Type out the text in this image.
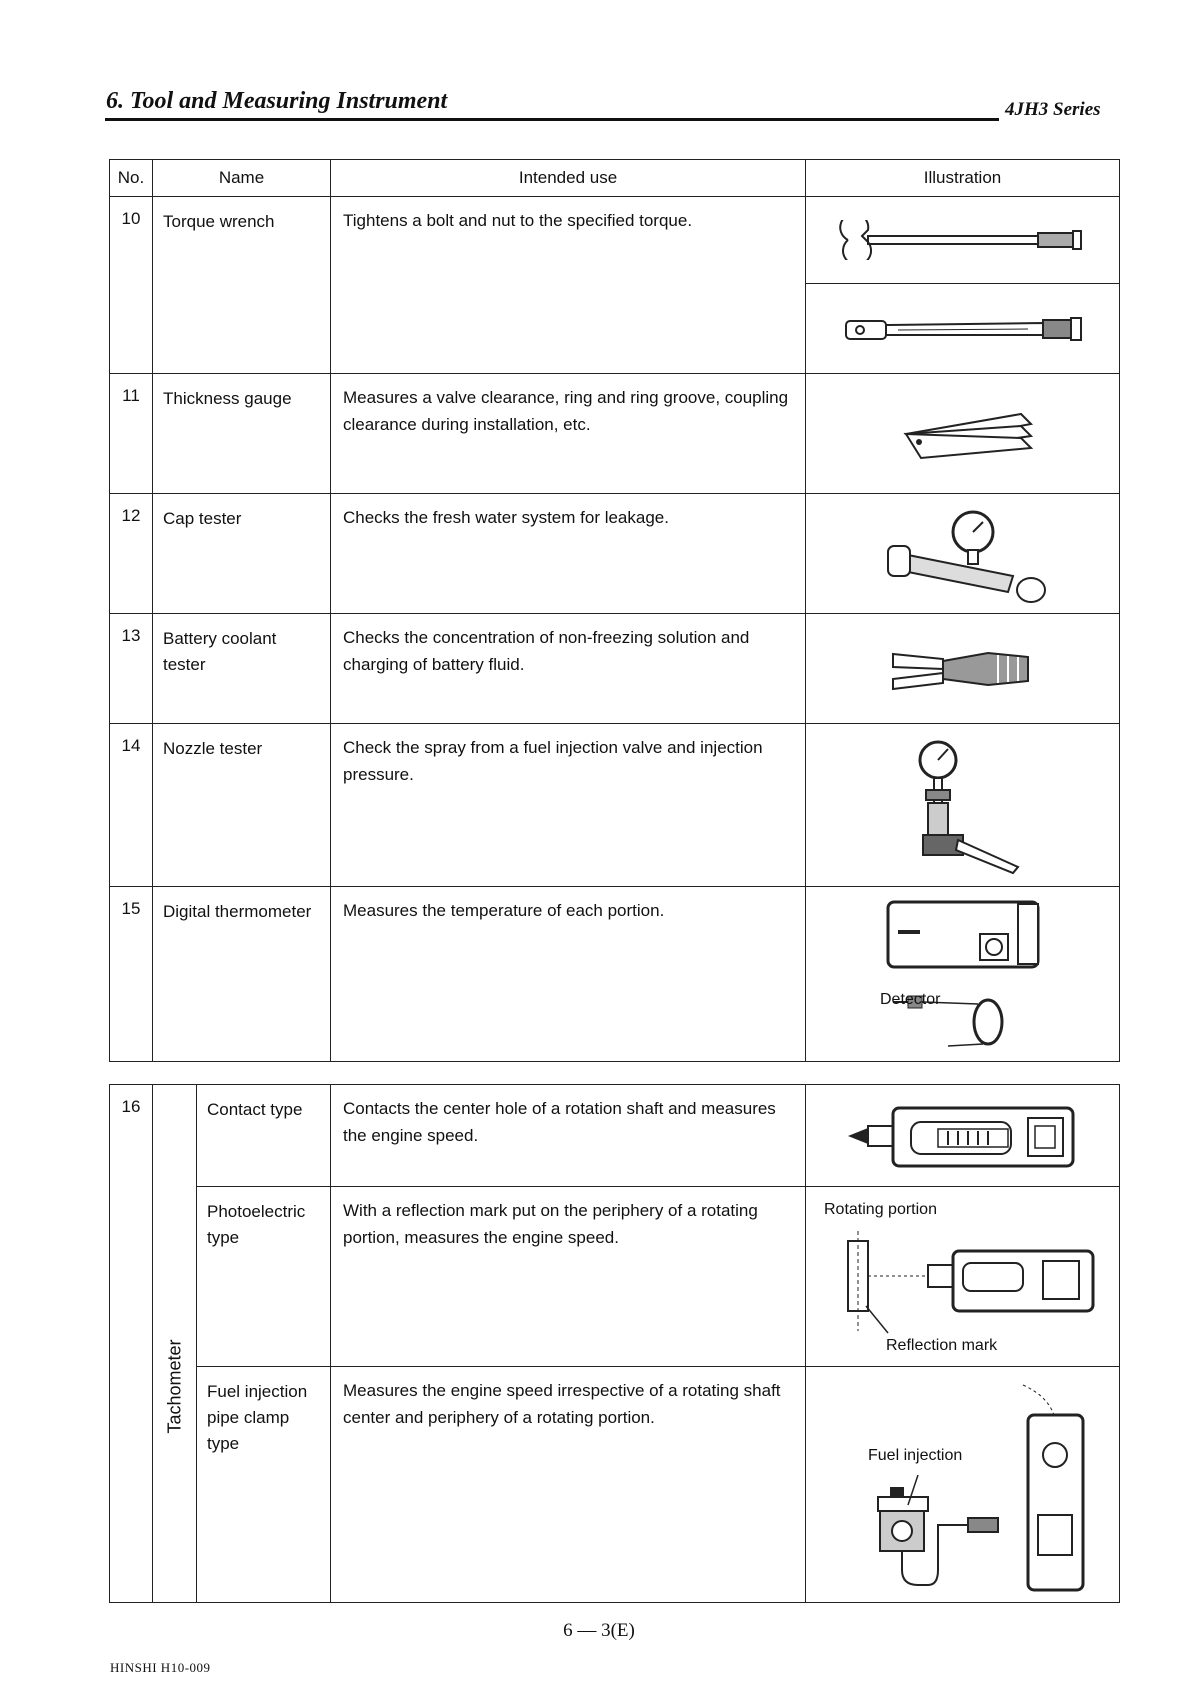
6. Tool and Measuring Instrument	4JH3 Series
No.	Name	Intended use	Illustration
10	Torque wrench	Tightens a bolt and nut to the specified torque.	

11	Thickness gauge	Measures a valve clearance, ring and ring groove, coupling clearance during installation, etc.	

12	Cap tester	Checks the fresh water system for leakage.	

13	Battery coolant tester	Checks the concentration of non-freezing solution and charging of battery fluid.	

14	Nozzle tester	Check the spray from a fuel injection valve and injection pressure.	

15	Digital thermometer	Measures the temperature of each portion.	
Detector
16	Tachometer	Contact type	Contacts the center hole of a rotation shaft and measures the engine speed.	

		Photoelectric type	With a reflection mark put on the periphery of a rotating portion, measures the engine speed.	Rotating portion
Reflection mark

		Fuel injection pipe clamp type	Measures the engine speed irrespective of a rotating shaft center and periphery of a rotating portion.	Fuel injection
6 — 3(E)
HINSHI H10-009
